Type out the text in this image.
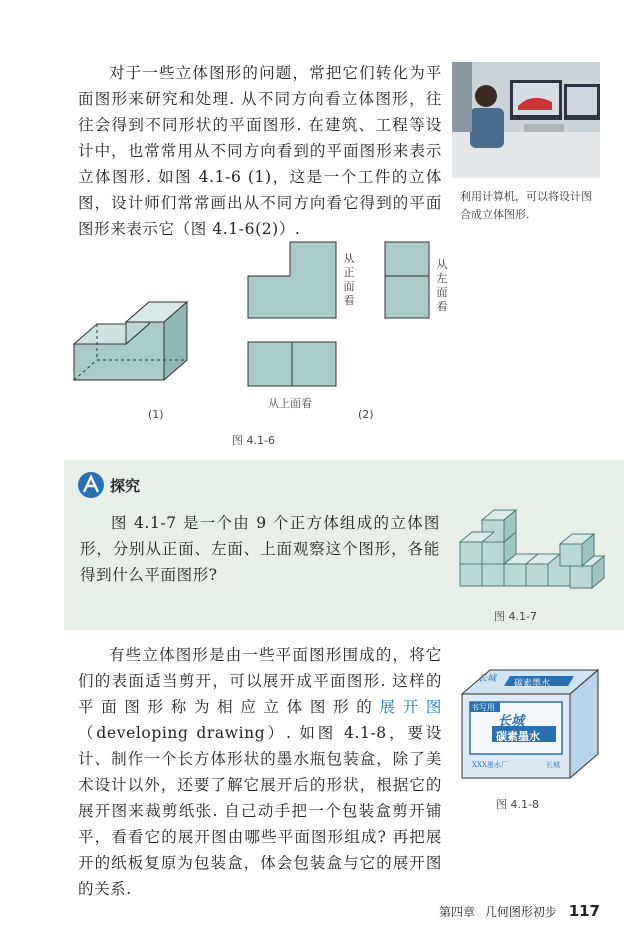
对于一些立体图形的问题，常把它们转化为平面图形来研究和处理. 从不同方向看立体图形，往往会得到不同形状的平面图形. 在建筑、工程等设计中，也常常用从不同方向看到的平面图形来表示立体图形. 如图 4.1-6 (1)，这是一个工件的立体图，设计师们常常画出从不同方向看它得到的平面图形来表示它（图 4.1-6(2)）.

利用计算机，可以将设计图合成立体图形.
(1)
从正面看
从左面看
从上面看
(2)
图 4.1-6
探究

图 4.1-7 是一个由 9 个正方体组成的立体图形，分别从正面、左面、上面观察这个图形，各能得到什么平面图形?

图 4.1-7

有些立体图形是由一些平面图形围成的，将它们的表面适当剪开，可以展开成平面图形. 这样的平面图形称为相应立体图形的展开图（developing drawing）. 如图 4.1-8，要设计、制作一个长方体形状的墨水瓶包装盒，除了美术设计以外，还要了解它展开后的形状，根据它的展开图来裁剪纸张. 自己动手把一个包装盒剪开铺平，看看它的展开图由哪些平面图形组成? 再把展开的纸板复原为包装盒，体会包装盒与它的展开图的关系.

长城 碳素墨水
书写用
长城
碳素墨水
XXX墨水厂	长城
图 4.1-8
第四章 几何图形初步 117
